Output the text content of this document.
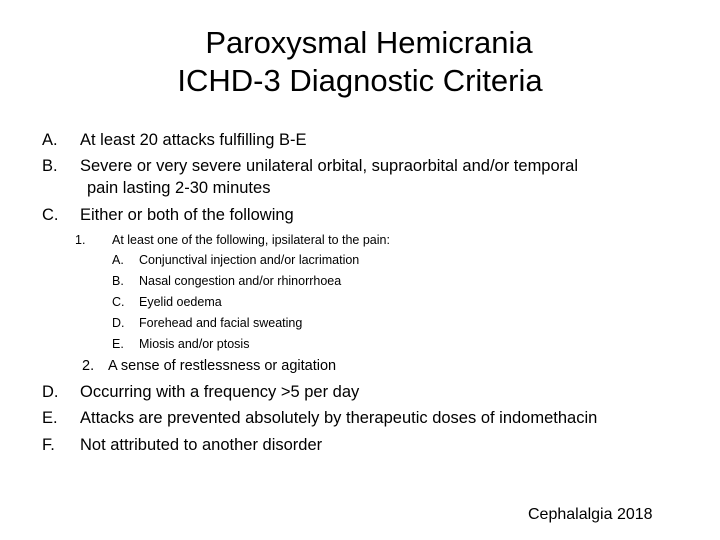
Paroxysmal Hemicrania
ICHD-3 Diagnostic Criteria
A. At least 20 attacks fulfilling B-E
B. Severe or very severe unilateral orbital, supraorbital and/or temporal
pain lasting 2-30 minutes
C. Either or both of the following
1. At least one of the following, ipsilateral to the pain:
A. Conjunctival injection and/or lacrimation
B. Nasal congestion and/or rhinorrhoea
C. Eyelid oedema
D. Forehead and facial sweating
E. Miosis and/or ptosis
2. A sense of restlessness or agitation
D. Occurring with a frequency >5 per day
E. Attacks are prevented absolutely by therapeutic doses of indomethacin
F. Not attributed to another disorder
Cephalalgia 2018
